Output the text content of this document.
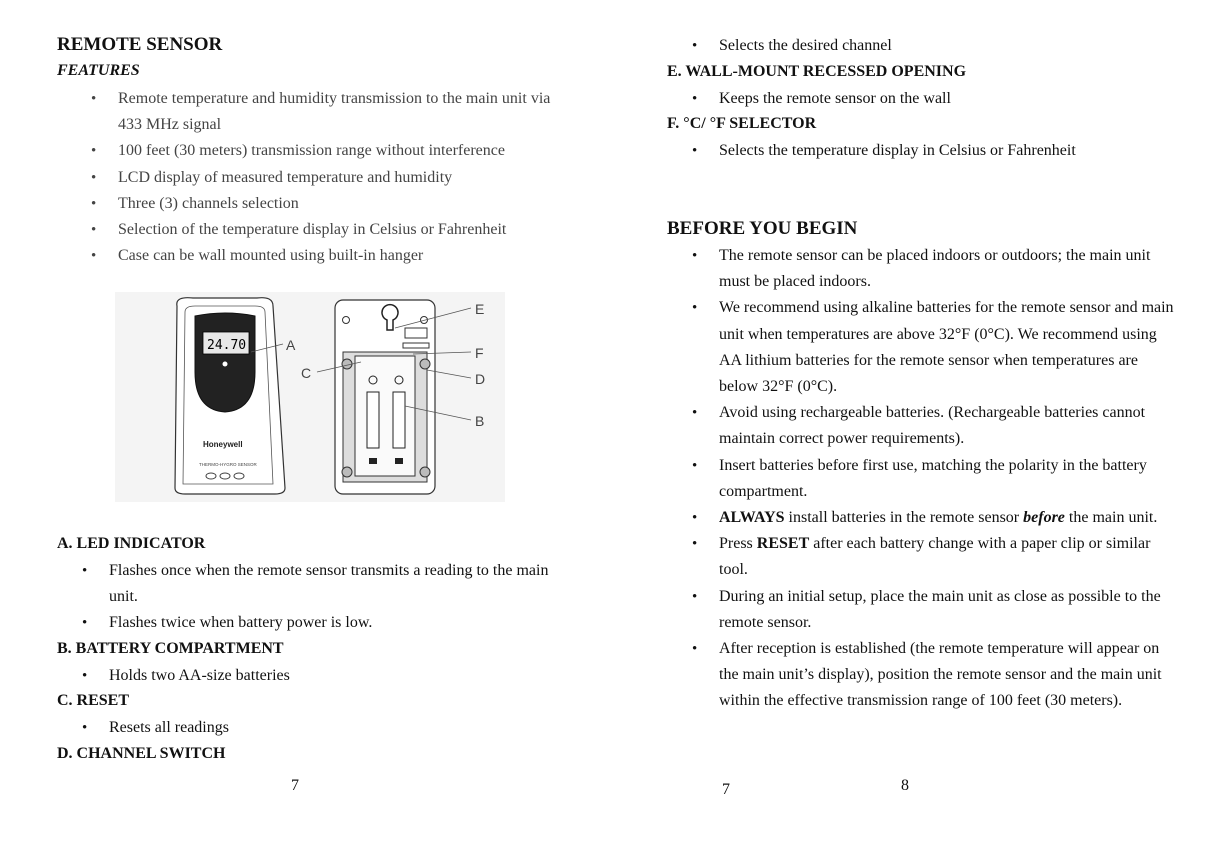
REMOTE SENSOR
FEATURES
• Remote temperature and humidity transmission to the main unit via 433 MHz signal
• 100 feet (30 meters) transmission range without interference
• LCD display of measured temperature and humidity
• Three (3) channels selection
• Selection of the temperature display in Celsius or Fahrenheit
• Case can be wall mounted using built-in hanger
24.70
Honeywell
THERMO-HYGRO SENSOR
A
B
C	D
E
F
A. LED INDICATOR
• Flashes once when the remote sensor transmits a reading to the main unit.
• Flashes twice when battery power is low.
B. BATTERY COMPARTMENT
• Holds two AA-size batteries
C. RESET
• Resets all readings
D. CHANNEL SWITCH
7
• Selects the desired channel
E. WALL-MOUNT RECESSED OPENING
• Keeps the remote sensor on the wall
F. °C/ °F SELECTOR
• Selects the temperature display in Celsius or Fahrenheit
BEFORE YOU BEGIN
• The remote sensor can be placed indoors or outdoors; the main unit must be placed indoors.
• We recommend using alkaline batteries for the remote sensor and main unit when temperatures are above 32°F (0°C). We recommend using AA lithium batteries for the remote sensor when temperatures are below 32°F (0°C).
• Avoid using rechargeable batteries. (Rechargeable batteries cannot maintain correct power requirements).
• Insert batteries before first use, matching the polarity in the battery compartment.
• ALWAYS install batteries in the remote sensor before the main unit.
• Press RESET after each battery change with a paper clip or similar tool.
• During an initial setup, place the main unit as close as possible to the remote sensor.
• After reception is established (the remote temperature will appear on the main unit’s display), position the remote sensor and the main unit within the effective transmission range of 100 feet (30 meters).
7	8
